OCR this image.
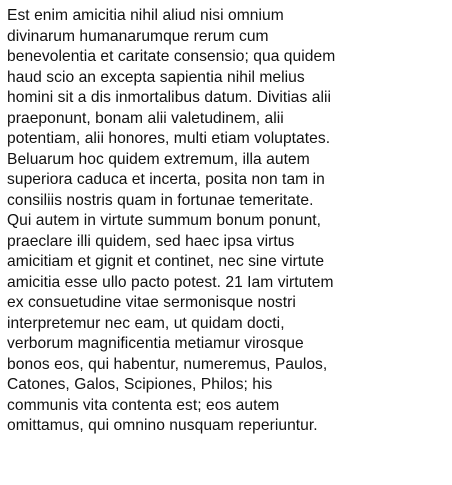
Est enim amicitia nihil aliud nisi omnium
divinarum humanarumque rerum cum
benevolentia et caritate consensio; qua quidem
haud scio an excepta sapientia nihil melius
homini sit a dis inmortalibus datum. Divitias alii
praeponunt, bonam alii valetudinem, alii
potentiam, alii honores, multi etiam voluptates.
Beluarum hoc quidem extremum, illa autem
superiora caduca et incerta, posita non tam in
consiliis nostris quam in fortunae temeritate.
Qui autem in virtute summum bonum ponunt,
praeclare illi quidem, sed haec ipsa virtus
amicitiam et gignit et continet, nec sine virtute
amicitia esse ullo pacto potest. 21 Iam virtutem
ex consuetudine vitae sermonisque nostri
interpretemur nec eam, ut quidam docti,
verborum magnificentia metiamur virosque
bonos eos, qui habentur, numeremus, Paulos,
Catones, Galos, Scipiones, Philos; his
communis vita contenta est; eos autem
omittamus, qui omnino nusquam reperiuntur.
